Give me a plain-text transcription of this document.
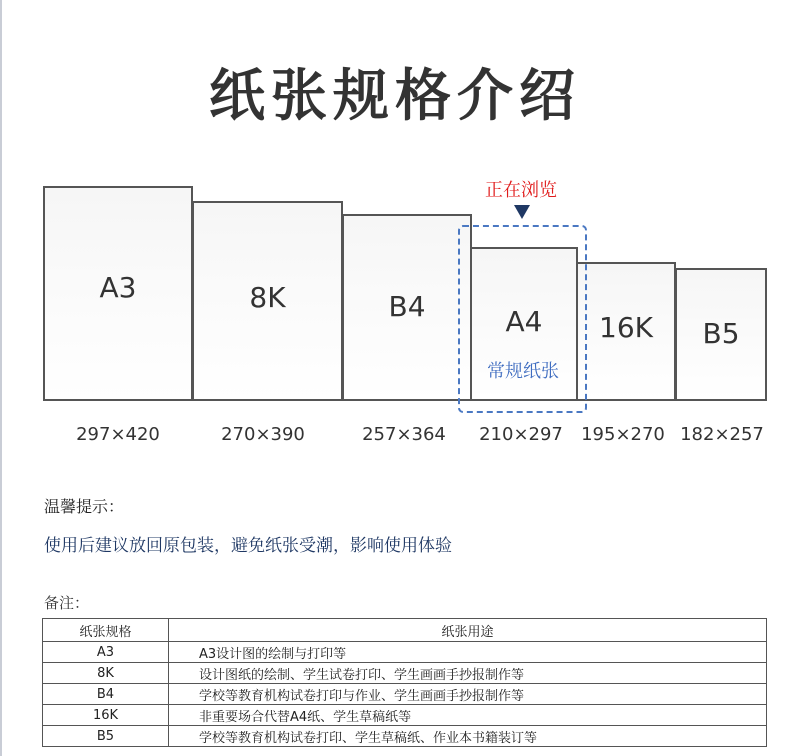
纸张规格介绍
A3	8K	B4	A4	16K	B5
正在浏览
常规纸张
297×420	270×390	257×364	210×297	195×270 182×257
温馨提示：
使用后建议放回原包装，避免纸张受潮，影响使用体验
备注：
纸张规格	纸张用途
A3	A3设计图的绘制与打印等
8K	设计图纸的绘制、学生试卷打印、学生画画手抄报制作等
B4	学校等教育机构试卷打印与作业、学生画画手抄报制作等
16K	非重要场合代替A4纸、学生草稿纸等
B5	学校等教育机构试卷打印、学生草稿纸、作业本书籍装订等
